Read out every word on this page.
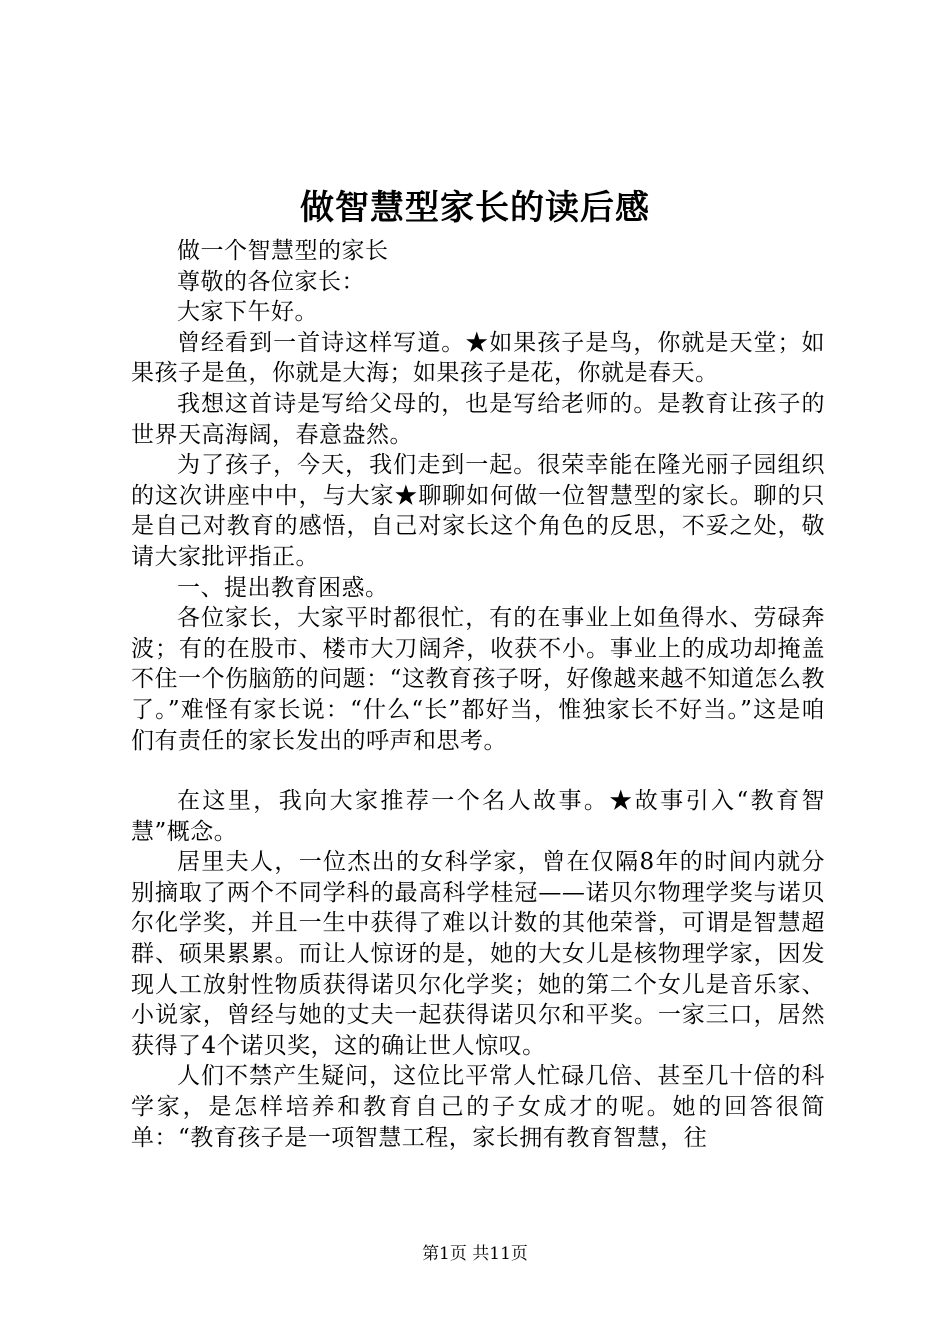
做智慧型家长的读后感

做一个智慧型的家长

尊敬的各位家长：

大家下午好。

曾经看到一首诗这样写道。★如果孩子是鸟，你就是天堂；如果孩子是鱼，你就是大海；如果孩子是花，你就是春天。

我想这首诗是写给父母的，也是写给老师的。是教育让孩子的世界天高海阔，春意盎然。

为了孩子，今天，我们走到一起。很荣幸能在隆光丽子园组织的这次讲座中中，与大家★聊聊如何做一位智慧型的家长。聊的只是自己对教育的感悟，自己对家长这个角色的反思，不妥之处，敬请大家批评指正。

一、提出教育困惑。

各位家长，大家平时都很忙，有的在事业上如鱼得水、劳碌奔波；有的在股市、楼市大刀阔斧，收获不小。事业上的成功却掩盖不住一个伤脑筋的问题：“这教育孩子呀，好像越来越不知道怎么教了。”难怪有家长说：“什么“长”都好当，惟独家长不好当。”这是咱们有责任的家长发出的呼声和思考。

在这里，我向大家推荐一个名人故事。★故事引入“教育智慧”概念。

居里夫人，一位杰出的女科学家，曾在仅隔8年的时间内就分别摘取了两个不同学科的最高科学桂冠——诺贝尔物理学奖与诺贝尔化学奖，并且一生中获得了难以计数的其他荣誉，可谓是智慧超群、硕果累累。而让人惊讶的是，她的大女儿是核物理学家，因发现人工放射性物质获得诺贝尔化学奖；她的第二个女儿是音乐家、小说家，曾经与她的丈夫一起获得诺贝尔和平奖。一家三口，居然获得了4个诺贝奖，这的确让世人惊叹。

人们不禁产生疑问，这位比平常人忙碌几倍、甚至几十倍的科学家，是怎样培养和教育自己的子女成才的呢。她的回答很简单：“教育孩子是一项智慧工程，家长拥有教育智慧，往

第1页 共11页
